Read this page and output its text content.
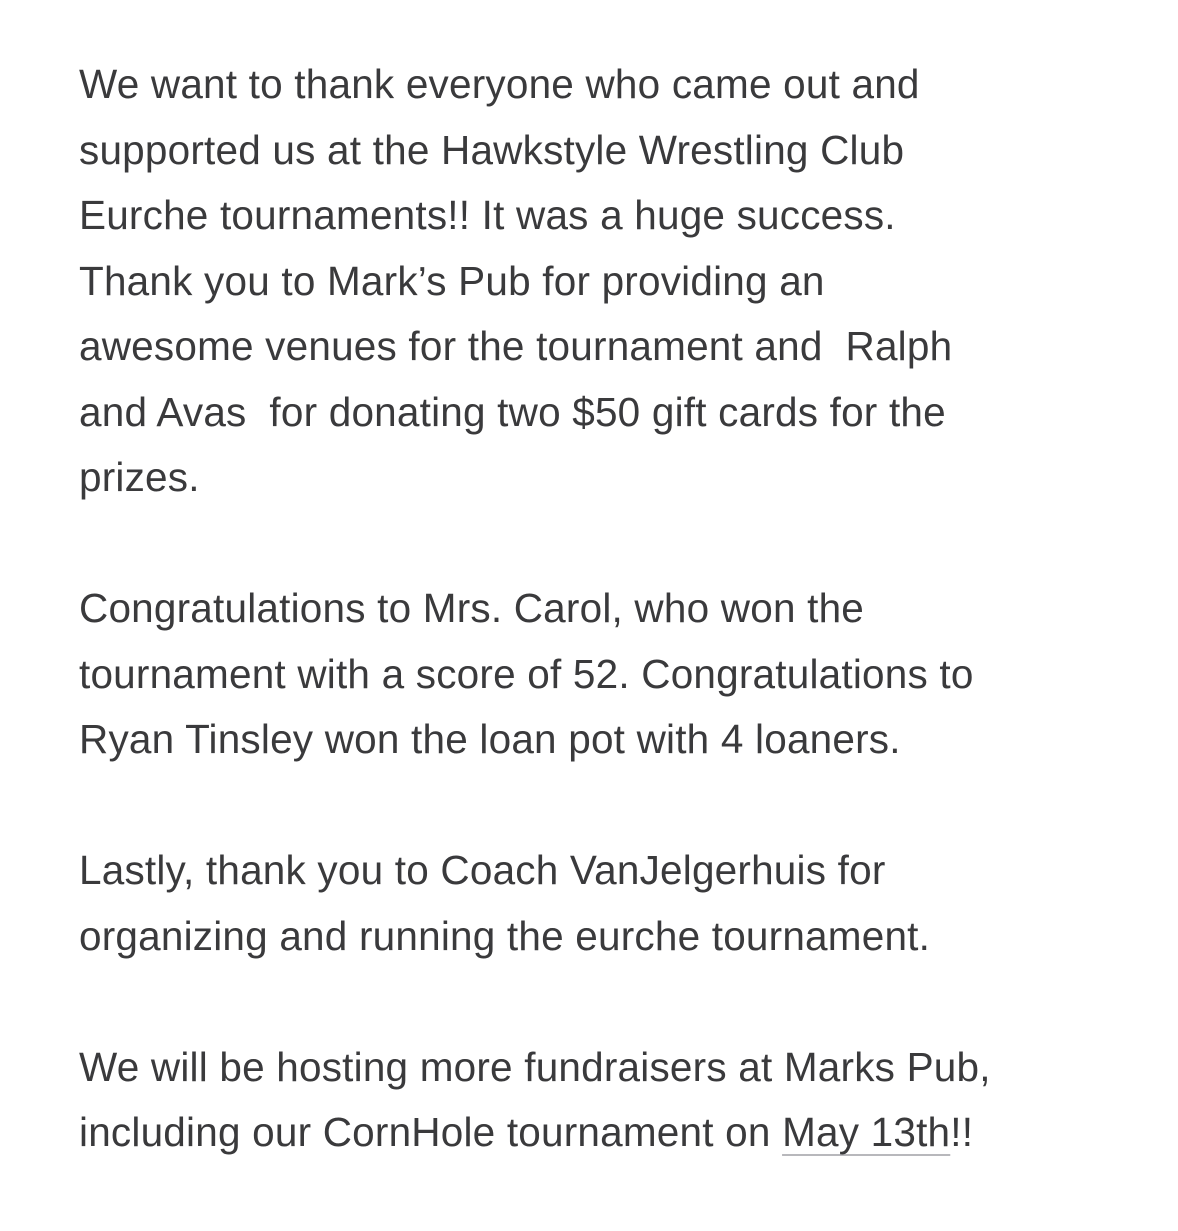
We want to thank everyone who came out and
supported us at the Hawkstyle Wrestling Club
Eurche tournaments!! It was a huge success.
Thank you to Mark’s Pub for providing an
awesome venues for the tournament and  Ralph
and Avas  for donating two $50 gift cards for the
prizes.

Congratulations to Mrs. Carol, who won the
tournament with a score of 52. Congratulations to
Ryan Tinsley won the loan pot with 4 loaners.

Lastly, thank you to Coach VanJelgerhuis for
organizing and running the eurche tournament.

We will be hosting more fundraisers at Marks Pub,
including our CornHole tournament on May 13th!!
